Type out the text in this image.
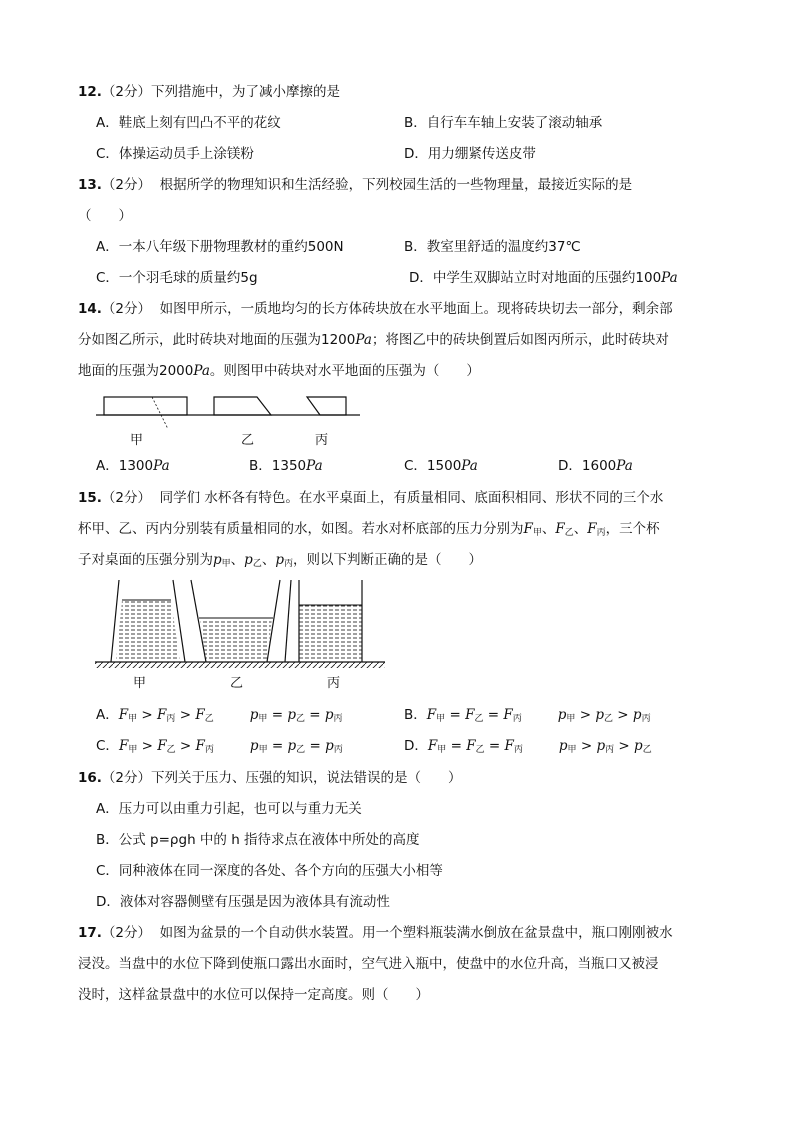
12.（2分）下列措施中，为了减小摩擦的是
A．鞋底上刻有凹凸不平的花纹	B．自行车车轴上安装了滚动轴承
C．体操运动员手上涂镁粉	D．用力绷紧传送皮带
13.（2分） 根据所学的物理知识和生活经验，下列校园生活的一些物理量，最接近实际的是
（　　）
A．一本八年级下册物理教材的重约500N	B．教室里舒适的温度约37℃
C．一个羽毛球的质量约5g	D．中学生双脚站立时对地面的压强约100Pa
14.（2分） 如图甲所示，一质地均匀的长方体砖块放在水平地面上。现将砖块切去一部分，剩余部
分如图乙所示，此时砖块对地面的压强为1200Pa；将图乙中的砖块倒置后如图丙所示，此时砖块对
地面的压强为2000Pa。则图甲中砖块对水平地面的压强为（　　）
甲	乙	丙
A．1300Pa	B．1350Pa	C．1500Pa	D．1600Pa
15.（2分） 同学们 水杯各有特色。在水平桌面上，有质量相同、底面积相同、形状不同的三个水
杯甲、乙、丙内分别装有质量相同的水，如图。若水对杯底部的压力分别为$F_甲$、$F_乙$、$F_丙$，三个杯
子对桌面的压强分别为$p_甲$、$p_乙$、$p_丙$，则以下判断正确的是（　　）
甲	乙	丙
A．$F_甲 > F_丙 > F_乙$	$p_甲 = p_乙 = p_丙$	B．$F_甲 = F_乙 = F_丙$	$p_甲 > p_乙 > p_丙$
C．$F_甲 > F_乙 > F_丙$	$p_甲 = p_乙 = p_丙$	D．$F_甲 = F_乙 = F_丙$	$p_甲 > p_丙 > p_乙$
16.（2分）下列关于压力、压强的知识，说法错误的是（　　）
A．压力可以由重力引起，也可以与重力无关
B．公式 p=ρgh 中的 h 指待求点在液体中所处的高度
C．同种液体在同一深度的各处、各个方向的压强大小相等
D．液体对容器侧壁有压强是因为液体具有流动性
17.（2分） 如图为盆景的一个自动供水装置。用一个塑料瓶装满水倒放在盆景盘中，瓶口刚刚被水
浸没。当盘中的水位下降到使瓶口露出水面时，空气进入瓶中，使盘中的水位升高，当瓶口又被浸
没时，这样盆景盘中的水位可以保持一定高度。则（　　）
